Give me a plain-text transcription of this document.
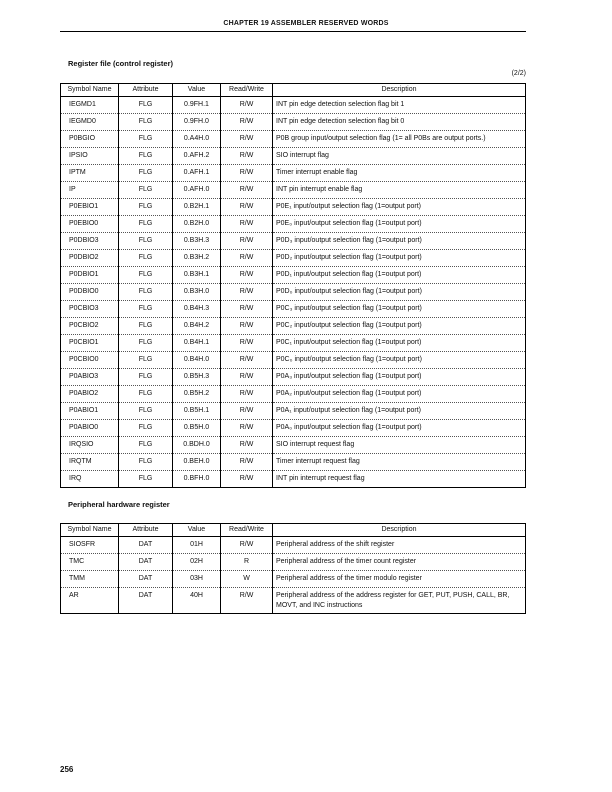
CHAPTER 19 ASSEMBLER RESERVED WORDS
Register file (control register)
(2/2)
Symbol Name	Attribute	Value	Read/Write	Description
IEGMD1	FLG	0.9FH.1	R/W	INT pin edge detection selection flag bit 1
IEGMD0	FLG	0.9FH.0	R/W	INT pin edge detection selection flag bit 0
P0BGIO	FLG	0.A4H.0	R/W	P0B group input/output selection flag (1= all P0Bs are output ports.)
IPSIO	FLG	0.AFH.2	R/W	SIO interrupt flag
IPTM	FLG	0.AFH.1	R/W	Timer interrupt enable flag
IP	FLG	0.AFH.0	R/W	INT pin interrupt enable flag
P0EBIO1	FLG	0.B2H.1	R/W	P0E₁ input/output selection flag (1=output port)
P0EBIO0	FLG	0.B2H.0	R/W	P0E₀ input/output selection flag (1=output port)
P0DBIO3	FLG	0.B3H.3	R/W	P0D₃ input/output selection flag (1=output port)
P0DBIO2	FLG	0.B3H.2	R/W	P0D₂ input/output selection flag (1=output port)
P0DBIO1	FLG	0.B3H.1	R/W	P0D₁ input/output selection flag (1=output port)
P0DBIO0	FLG	0.B3H.0	R/W	P0D₀ input/output selection flag (1=output port)
P0CBIO3	FLG	0.B4H.3	R/W	P0C₃ input/output selection flag (1=output port)
P0CBIO2	FLG	0.B4H.2	R/W	P0C₂ input/output selection flag (1=output port)
P0CBIO1	FLG	0.B4H.1	R/W	P0C₁ input/output selection flag (1=output port)
P0CBIO0	FLG	0.B4H.0	R/W	P0C₀ input/output selection flag (1=output port)
P0ABIO3	FLG	0.B5H.3	R/W	P0A₃ input/output selection flag (1=output port)
P0ABIO2	FLG	0.B5H.2	R/W	P0A₂ input/output selection flag (1=output port)
P0ABIO1	FLG	0.B5H.1	R/W	P0A₁ input/output selection flag (1=output port)
P0ABIO0	FLG	0.B5H.0	R/W	P0A₀ input/output selection flag (1=output port)
IRQSIO	FLG	0.BDH.0	R/W	SIO interrupt request flag
IRQTM	FLG	0.BEH.0	R/W	Timer interrupt request flag
IRQ	FLG	0.BFH.0	R/W	INT pin interrupt request flag
Peripheral hardware register
Symbol Name	Attribute	Value	Read/Write	Description
SIOSFR	DAT	01H	R/W	Peripheral address of the shift register
TMC	DAT	02H	R	Peripheral address of the timer count register
TMM	DAT	03H	W	Peripheral address of the timer modulo register
AR	DAT	40H	R/W	Peripheral address of the address register for GET, PUT, PUSH, CALL, BR, MOVT, and INC instructions
256
